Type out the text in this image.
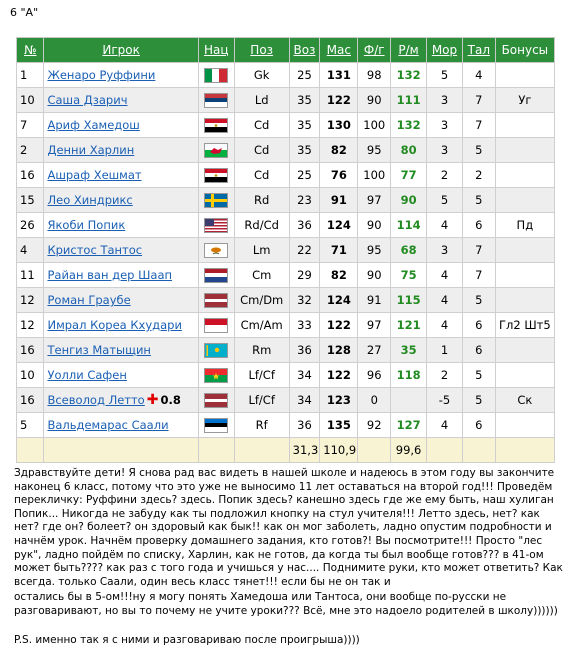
6 "А"
№	Игрок	Нац	Поз	Воз	Мас	Ф/г	Р/м	Мор	Тал	Бонусы
1	Женаро Руффини		Gk	25	131	98	132	5	4	
10	Саша Дзарич		Ld	35	122	90	111	3	7	Уг
7	Ариф Хамедош		Cd	35	130	100	132	3	7	
2	Денни Харлин		Cd	35	82	95	80	3	5	
16	Ашраф Хешмат		Cd	25	76	100	77	2	2	
15	Лео Хиндрикс		Rd	23	91	97	90	5	5	
26	Якоби Попик		Rd/Cd	36	124	90	114	4	6	Пд
4	Кристос Тантос		Lm	22	71	95	68	3	7	
11	Райан ван дер Шаап		Cm	29	82	90	75	4	7	
12	Роман Граубе		Cm/Dm	32	124	91	115	4	5	
12	Имрал Кореа Кхудари		Cm/Am	33	122	97	121	4	6	Гл2 Шт5
16	Тенгиз Матыщин		Rm	36	128	27	35	1	6	
10	Уолли Сафен		Lf/Cf	34	122	96	118	2	5	
16	Всеволод Летто ✚ 0.8		Lf/Cf	34	123	0		-5	5	Ск
5	Вальдемарас Саали		Rf	36	135	92	127	4	6	
				31,3	110,9		99,6			

Здравствуйте дети! Я снова рад вас видеть в нашей школе и надеюсь в этом году вы закончите наконец 6 класс, потому что это уже не выносимо 11 лет оставаться на второй год!!! Проведём перекличку: Руффини здесь? здесь. Попик здесь? канешно здесь где же ему быть, наш хулиган Попик... Никогда не забуду как ты подложил кнопку на стул учителя!!! Летто здесь, нет? как нет? где он? болеет? он здоровый как бык!! как он мог заболеть, ладно опустим подробности и начнём урок. Начнём проверку домашнего задания, кто готов?! Вы посмотрите!!! Просто "лес рук", ладно пойдём по списку, Харлин, как не готов, да когда ты был вообще готов??? в 41-ом может быть???? как раз с того года и учишься у нас.... Поднимите руки, кто может ответить? Как всегда. только Саали, один весь класс тянет!!! если бы не он так и

остались бы в 5-ом!!!ну я могу понять Хамедоша или Тантоса, они вообще по-русски не разговаривают, но вы то почему не учите уроки??? Всё, мне это надоело родителей в школу))))))

P.S. именно так я с ними и разговариваю после проигрыша))))
